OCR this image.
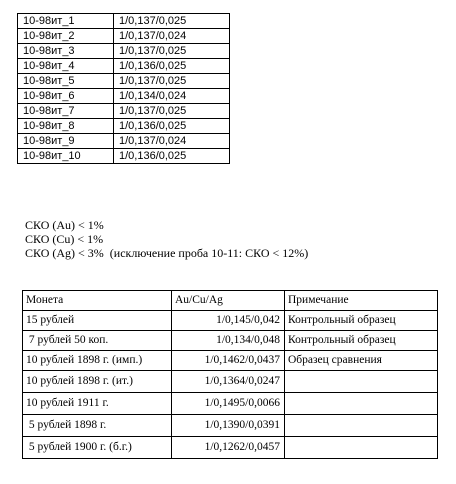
10-98ит_1	1/0,137/0,025
10-98ит_2	1/0,137/0,024
10-98ит_3	1/0,137/0,025
10-98ит_4	1/0,136/0,025
10-98ит_5	1/0,137/0,025
10-98ит_6	1/0,134/0,024
10-98ит_7	1/0,137/0,025
10-98ит_8	1/0,136/0,025
10-98ит_9	1/0,137/0,024
10-98ит_10	1/0,136/0,025
СКО (Au) < 1%
СКО (Cu) < 1%
СКО (Ag) < 3%  (исключение проба 10-11: СКО < 12%)
Монета	Au/Cu/Ag	Примечание
15 рублей	1/0,145/0,042	Контрольный образец
7 рублей 50 коп.	1/0,134/0,048	Контрольный образец
10 рублей 1898 г. (имп.)	1/0,1462/0,0437	Образец сравнения
10 рублей 1898 г. (ит.)	1/0,1364/0,0247	
10 рублей 1911 г.	1/0,1495/0,0066	
5 рублей 1898 г.	1/0,1390/0,0391	
5 рублей 1900 г. (б.г.)	1/0,1262/0,0457	
